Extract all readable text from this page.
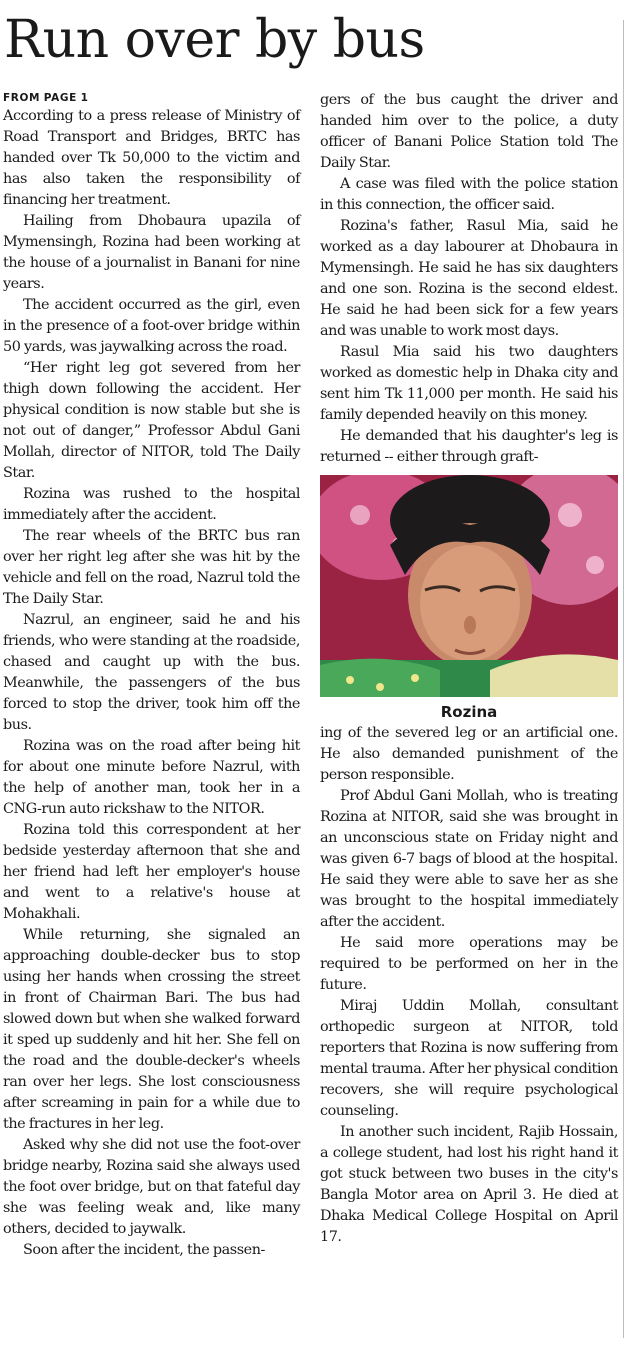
Run over by bus
FROM PAGE 1

According to a press release of Ministry of Road Transport and Bridges, BRTC has handed over Tk 50,000 to the victim and has also taken the responsibility of financing her treatment.

Hailing from Dhobaura upazila of Mymensingh, Rozina had been working at the house of a journalist in Banani for nine years.

The accident occurred as the girl, even in the presence of a foot-over bridge within 50 yards, was jaywalking across the road.

“Her right leg got severed from her thigh down following the accident. Her physical condition is now stable but she is not out of danger,” Professor Abdul Gani Mollah, director of NITOR, told The Daily Star.

Rozina was rushed to the hospital immediately after the accident.

The rear wheels of the BRTC bus ran over her right leg after she was hit by the vehicle and fell on the road, Nazrul told the The Daily Star.

Nazrul, an engineer, said he and his friends, who were standing at the roadside, chased and caught up with the bus. Meanwhile, the passengers of the bus forced to stop the driver, took him off the bus.

Rozina was on the road after being hit for about one minute before Nazrul, with the help of another man, took her in a CNG-run auto rickshaw to the NITOR.

Rozina told this correspondent at her bedside yesterday afternoon that she and her friend had left her employer's house and went to a relative's house at Mohakhali.

While returning, she signaled an approaching double-decker bus to stop using her hands when crossing the street in front of Chairman Bari. The bus had slowed down but when she walked forward it sped up suddenly and hit her. She fell on the road and the double-decker's wheels ran over her legs. She lost consciousness after screaming in pain for a while due to the fractures in her leg.

Asked why she did not use the foot-over bridge nearby, Rozina said she always used the foot over bridge, but on that fateful day she was feeling weak and, like many others, decided to jaywalk.

Soon after the incident, the passen-

gers of the bus caught the driver and handed him over to the police, a duty officer of Banani Police Station told The Daily Star.

A case was filed with the police station in this connection, the officer said.

Rozina's father, Rasul Mia, said he worked as a day labourer at Dhobaura in Mymensingh. He said he has six daughters and one son. Rozina is the second eldest. He said he had been sick for a few years and was unable to work most days.

Rasul Mia said his two daughters worked as domestic help in Dhaka city and sent him Tk 11,000 per month. He said his family depended heavily on this money.

He demanded that his daughter's leg is returned -- either through graft-

Rozina

ing of the severed leg or an artificial one. He also demanded punishment of the person responsible.

Prof Abdul Gani Mollah, who is treating Rozina at NITOR, said she was brought in an unconscious state on Friday night and was given 6-7 bags of blood at the hospital. He said they were able to save her as she was brought to the hospital immediately after the accident.

He said more operations may be required to be performed on her in the future.

Miraj Uddin Mollah, consultant orthopedic surgeon at NITOR, told reporters that Rozina is now suffering from mental trauma. After her physical condition recovers, she will require psychological counseling.

In another such incident, Rajib Hossain, a college student, had lost his right hand it got stuck between two buses in the city's Bangla Motor area on April 3. He died at Dhaka Medical College Hospital on April 17.
